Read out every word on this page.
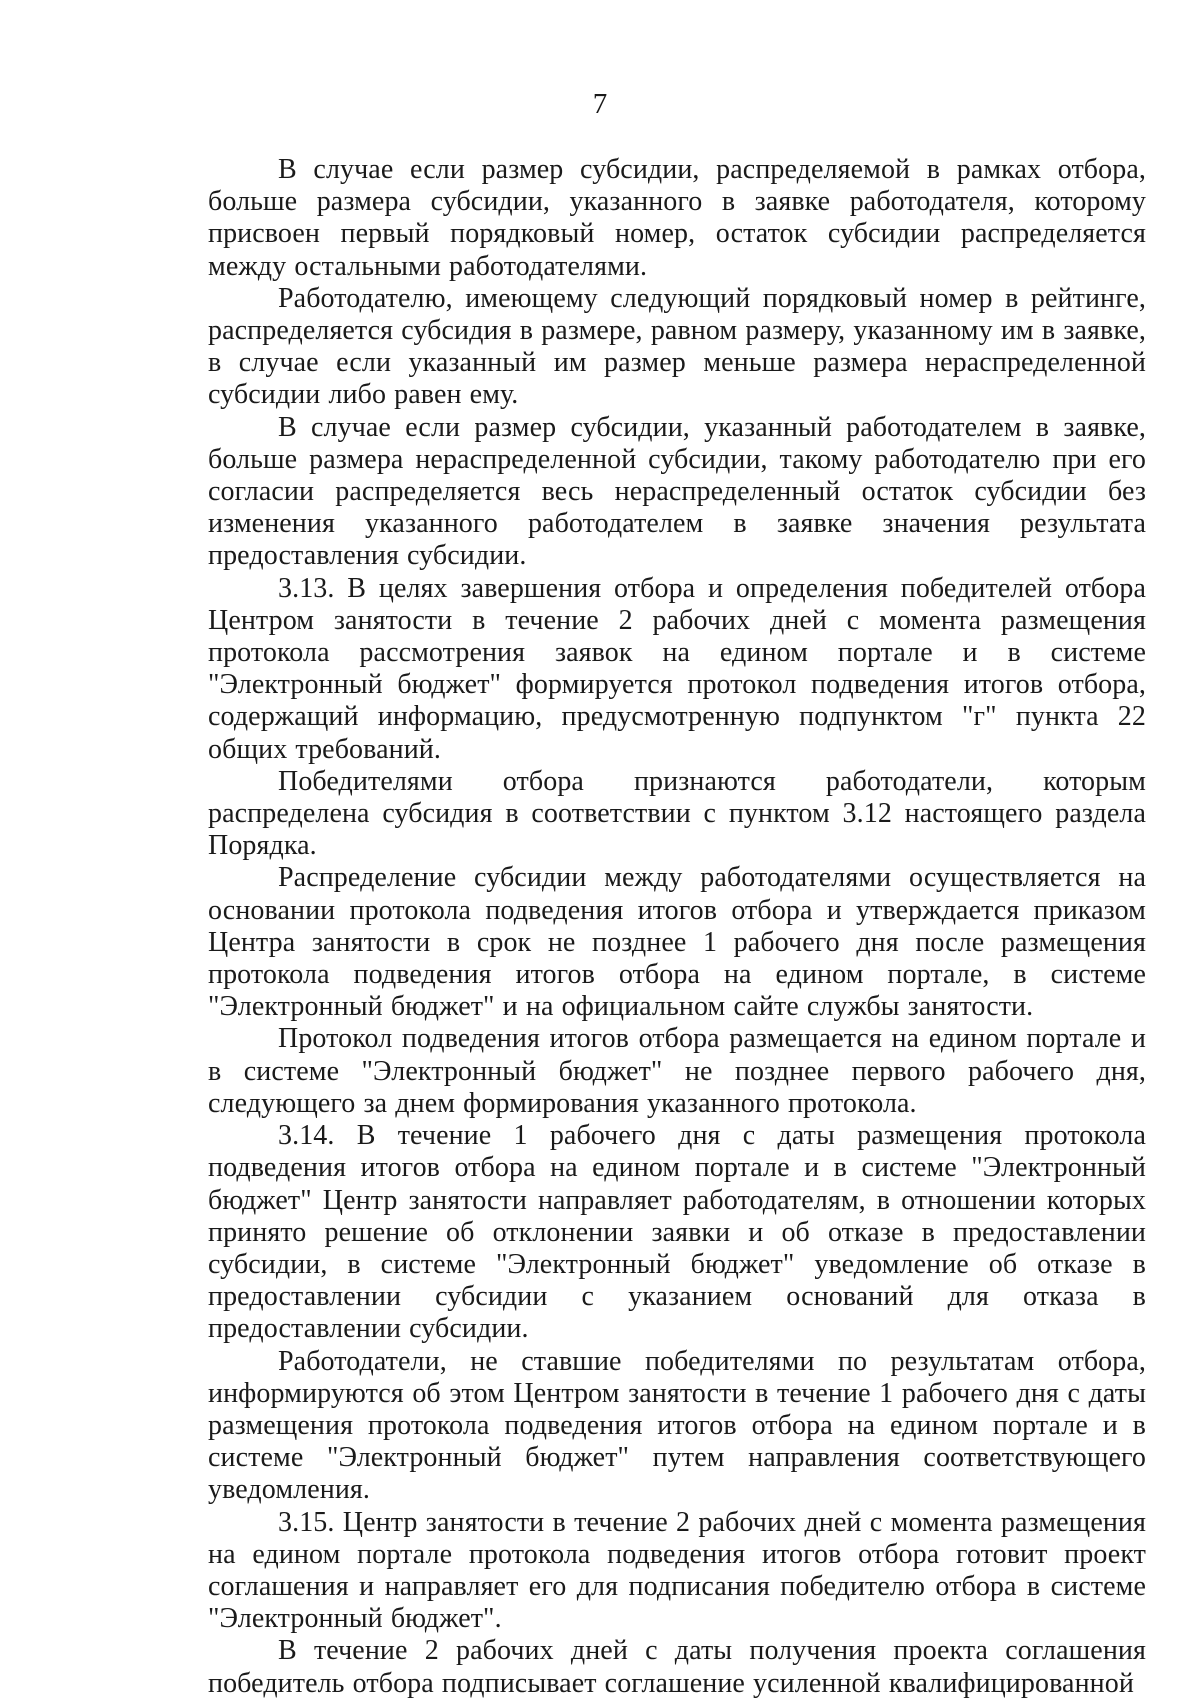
7

В случае если размер субсидии, распределяемой в рамках отбора, больше размера субсидии, указанного в заявке работодателя, которому присвоен первый порядковый номер, остаток субсидии распределяется между остальными работодателями.

Работодателю, имеющему следующий порядковый номер в рейтинге, распределяется субсидия в размере, равном размеру, указанному им в заявке, в случае если указанный им размер меньше размера нераспределенной субсидии либо равен ему.

В случае если размер субсидии, указанный работодателем в заявке, больше размера нераспределенной субсидии, такому работодателю при его согласии распределяется весь нераспределенный остаток субсидии без изменения указанного работодателем в заявке значения результата предоставления субсидии.

3.13. В целях завершения отбора и определения победителей отбора Центром занятости в течение 2 рабочих дней с момента размещения протокола рассмотрения заявок на едином портале и в системе "Электронный бюджет" формируется протокол подведения итогов отбора, содержащий информацию, предусмотренную подпунктом "г" пункта 22 общих требований.

Победителями отбора признаются работодатели, которым распределена субсидия в соответствии с пунктом 3.12 настоящего раздела Порядка.

Распределение субсидии между работодателями осуществляется на основании протокола подведения итогов отбора и утверждается приказом Центра занятости в срок не позднее 1 рабочего дня после размещения протокола подведения итогов отбора на едином портале, в системе "Электронный бюджет" и на официальном сайте службы занятости.

Протокол подведения итогов отбора размещается на едином портале и в системе "Электронный бюджет" не позднее первого рабочего дня, следующего за днем формирования указанного протокола.

3.14. В течение 1 рабочего дня с даты размещения протокола подведения итогов отбора на едином портале и в системе "Электронный бюджет" Центр занятости направляет работодателям, в отношении которых принято решение об отклонении заявки и об отказе в предоставлении субсидии, в системе "Электронный бюджет" уведомление об отказе в предоставлении субсидии с указанием оснований для отказа в предоставлении субсидии.

Работодатели, не ставшие победителями по результатам отбора, информируются об этом Центром занятости в течение 1 рабочего дня с даты размещения протокола подведения итогов отбора на едином портале и в системе "Электронный бюджет" путем направления соответствующего уведомления.

3.15. Центр занятости в течение 2 рабочих дней с момента размещения на едином портале протокола подведения итогов отбора готовит проект соглашения и направляет его для подписания победителю отбора в системе "Электронный бюджет".

В течение 2 рабочих дней с даты получения проекта соглашения победитель отбора подписывает соглашение усиленной квалифицированной
